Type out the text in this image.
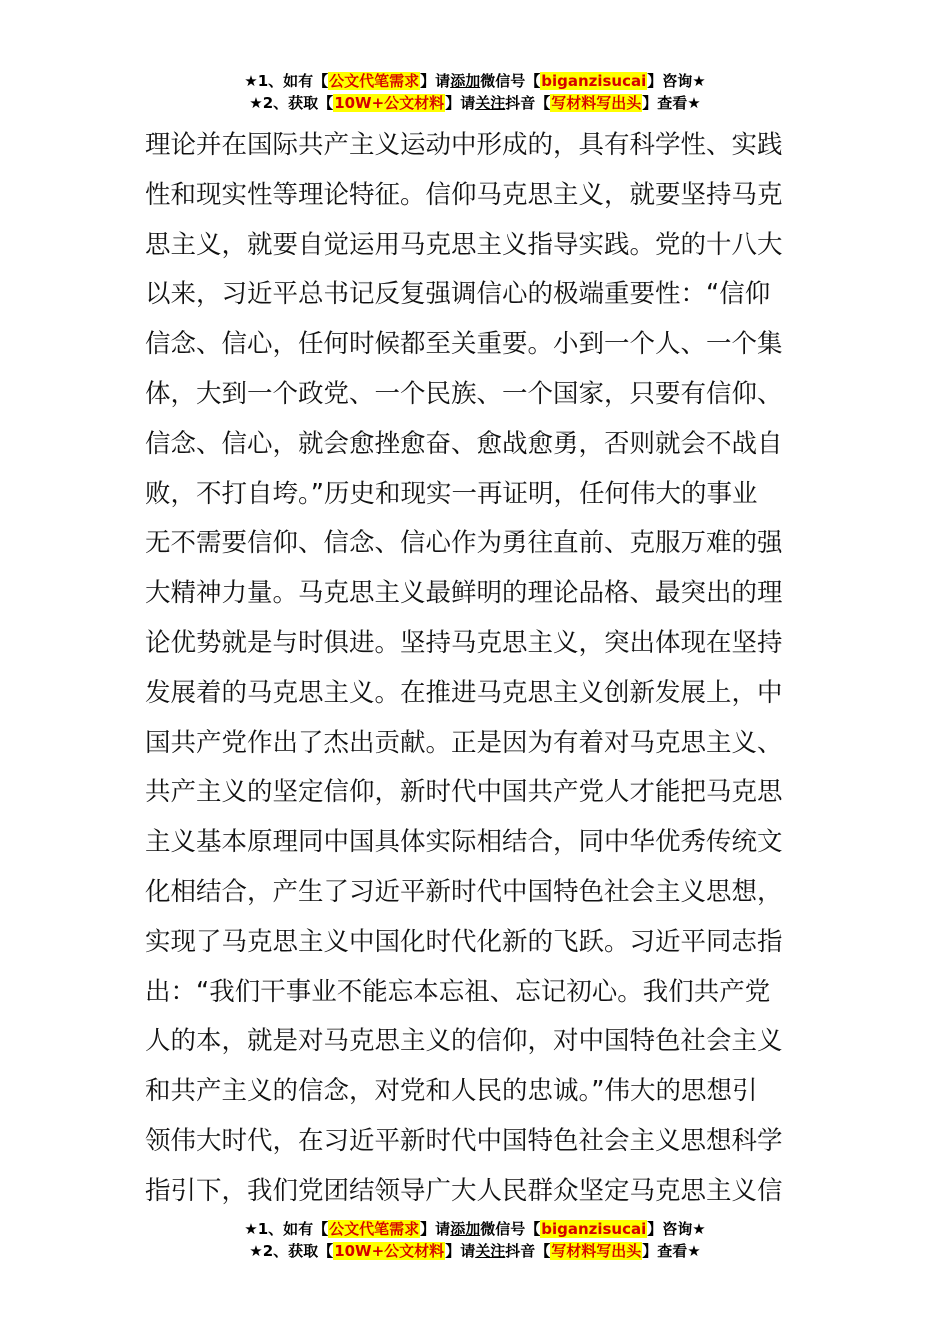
★1、如有【公文代笔需求】请添加微信号【biganzisucai】咨询★
★2、获取【10W+公文材料】请关注抖音【写材料写出头】查看★
理论并在国际共产主义运动中形成的，具有科学性、实践
性和现实性等理论特征。信仰马克思主义，就要坚持马克
思主义，就要自觉运用马克思主义指导实践。党的十八大
以来，习近平总书记反复强调信心的极端重要性：“信仰
信念、信心，任何时候都至关重要。小到一个人、一个集
体，大到一个政党、一个民族、一个国家，只要有信仰、
信念、信心，就会愈挫愈奋、愈战愈勇，否则就会不战自
败，不打自垮。”历史和现实一再证明，任何伟大的事业
无不需要信仰、信念、信心作为勇往直前、克服万难的强
大精神力量。马克思主义最鲜明的理论品格、最突出的理
论优势就是与时俱进。坚持马克思主义，突出体现在坚持
发展着的马克思主义。在推进马克思主义创新发展上，中
国共产党作出了杰出贡献。正是因为有着对马克思主义、
共产主义的坚定信仰，新时代中国共产党人才能把马克思
主义基本原理同中国具体实际相结合，同中华优秀传统文
化相结合，产生了习近平新时代中国特色社会主义思想，
实现了马克思主义中国化时代化新的飞跃。习近平同志指
出：“我们干事业不能忘本忘祖、忘记初心。我们共产党
人的本，就是对马克思主义的信仰，对中国特色社会主义
和共产主义的信念，对党和人民的忠诚。”伟大的思想引
领伟大时代，在习近平新时代中国特色社会主义思想科学
指引下，我们党团结领导广大人民群众坚定马克思主义信
★1、如有【公文代笔需求】请添加微信号【biganzisucai】咨询★
★2、获取【10W+公文材料】请关注抖音【写材料写出头】查看★
